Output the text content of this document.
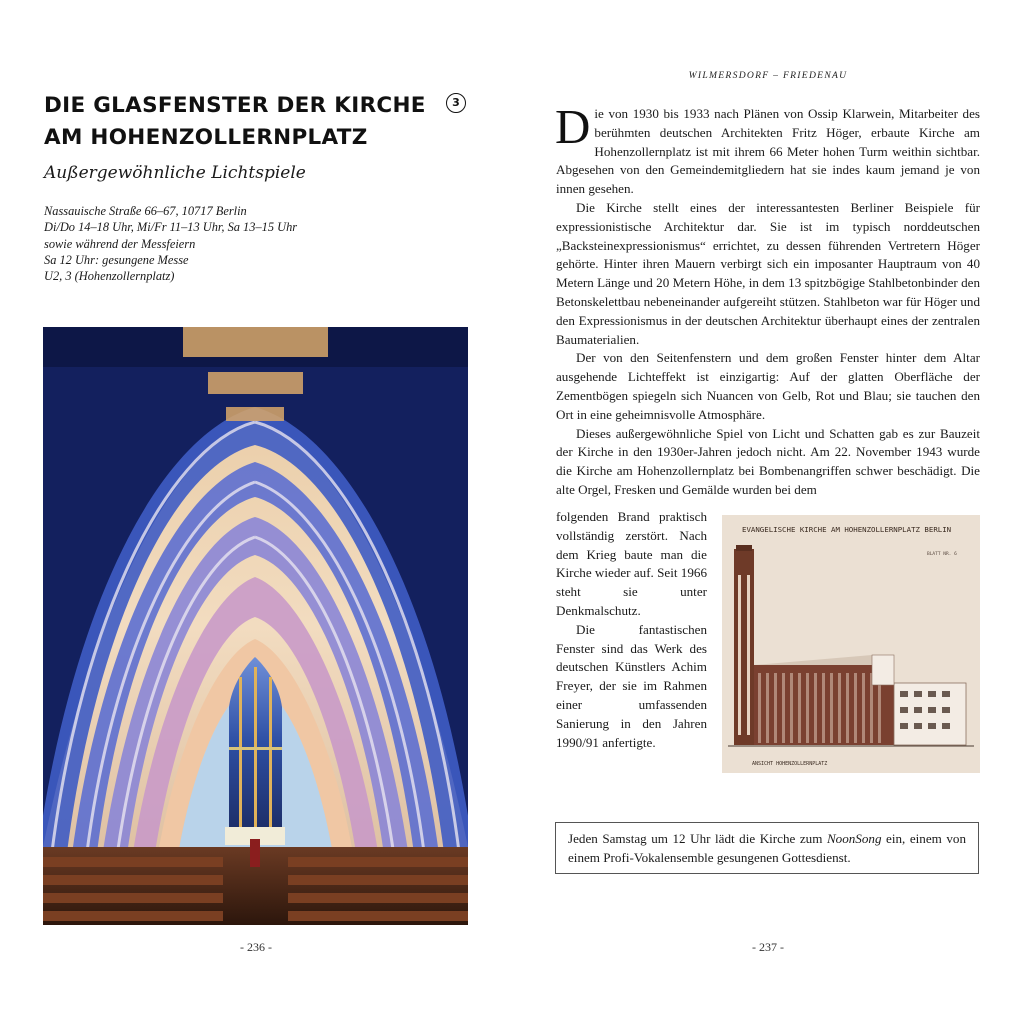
DIE GLASFENSTER DER KIRCHE
AM HOHENZOLLERNPLATZ
3

Außergewöhnliche Lichtspiele

Nassauische Straße 66–67, 10717 Berlin
Di/Do 14–18 Uhr, Mi/Fr 11–13 Uhr, Sa 13–15 Uhr
sowie während der Messfeiern
Sa 12 Uhr: gesungene Messe
U2, 3 (Hohenzollernplatz)

- 236 -

WILMERSDORF – FRIEDENAU

Die von 1930 bis 1933 nach Plänen von Ossip Klarwein, Mitarbeiter des berühmten deutschen Architekten Fritz Höger, erbaute Kirche am Hohenzollernplatz ist mit ihrem 66 Meter hohen Turm weithin sichtbar. Abgesehen von den Gemeindemitgliedern hat sie indes kaum jemand je von innen gesehen.

Die Kirche stellt eines der interessantesten Berliner Beispiele für expressionistische Architektur dar. Sie ist im typisch norddeutschen „Backsteinexpressionismus“ errichtet, zu dessen führenden Vertretern Höger gehörte. Hinter ihren Mauern verbirgt sich ein imposanter Hauptraum von 40 Metern Länge und 20 Metern Höhe, in dem 13 spitzbögige Stahlbetonbinder den Betonskelettbau nebeneinander aufgereiht stützen. Stahlbeton war für Höger und den Expressionismus in der deutschen Architektur überhaupt eines der zentralen Baumaterialien.

Der von den Seitenfenstern und dem großen Fenster hinter dem Altar ausgehende Lichteffekt ist einzigartig: Auf der glatten Oberfläche der Zementbögen spiegeln sich Nuancen von Gelb, Rot und Blau; sie tauchen den Ort in eine geheimnisvolle Atmosphäre.

Dieses außergewöhnliche Spiel von Licht und Schatten gab es zur Bauzeit der Kirche in den 1930er-Jahren jedoch nicht. Am 22. November 1943 wurde die Kirche am Hohenzollernplatz bei Bombenangriffen schwer beschädigt. Die alte Orgel, Fresken und Gemälde wurden bei dem

folgenden Brand praktisch vollständig zerstört. Nach dem Krieg baute man die Kirche wieder auf. Seit 1966 steht sie unter Denkmalschutz.

Die fantastischen Fenster sind das Werk des deutschen Künstlers Achim Freyer, der sie im Rahmen einer umfassenden Sanierung in den Jahren 1990/91 anfertigte.

EVANGELISCHE KIRCHE AM HOHENZOLLERNPLATZ BERLIN
BLATT NR. 6
ANSICHT HOHENZOLLERNPLATZ

Jeden Samstag um 12 Uhr lädt die Kirche zum NoonSong ein, einem von einem Profi-Vokalensemble gesungenen Gottesdienst.

- 237 -
